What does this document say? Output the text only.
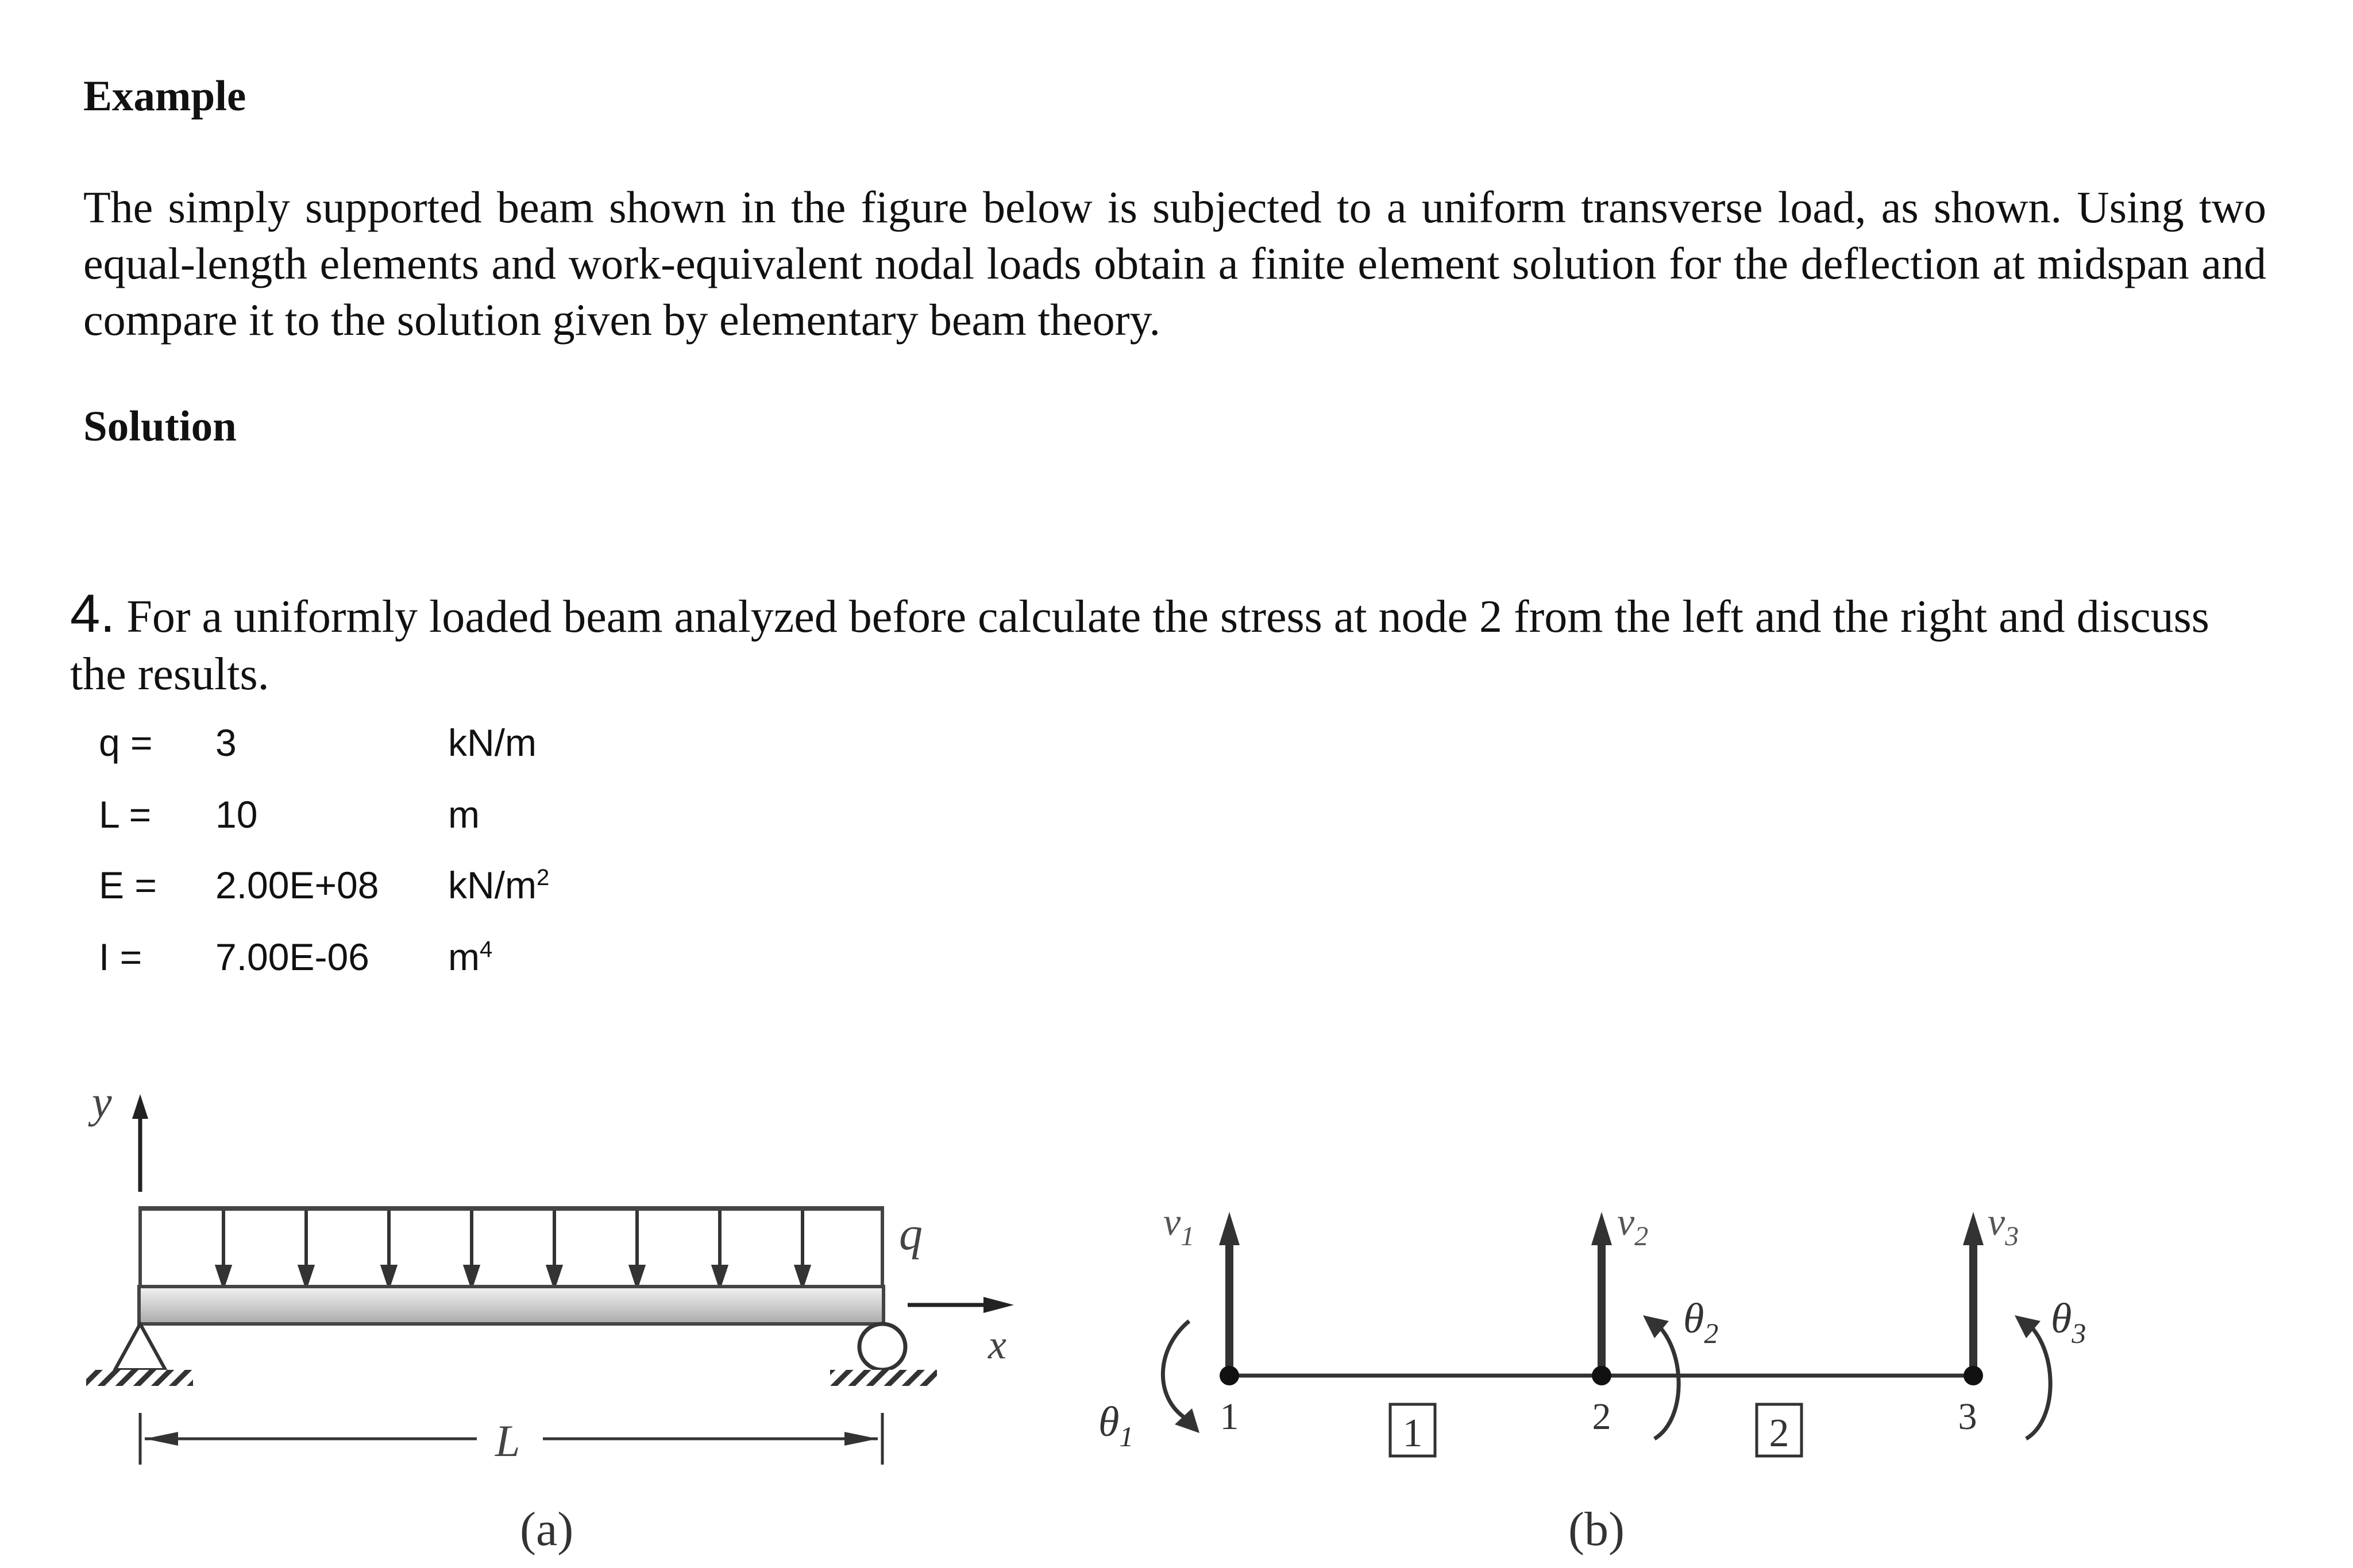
Example
The simply supported beam shown in the figure below is subjected to a uniform transverse load, as shown. Using two equal-length elements and work-equivalent nodal loads obtain a finite element solution for the deflection at midspan and compare it to the solution given by elementary beam theory.
Solution
4. For a uniformly loaded beam analyzed before calculate the stress at node 2 from the left and the right and discuss the results.
q = 3	kN/m
L = 10	m
E = 2.00E+08 $kN/m^2$
I = 7.00E-06 $m^4$
y
x
q
L
(a)
1	2
1	2	3
$v_1$	$v_2$	$v_3$
$\theta_1$
$\theta_2$	$\theta_3$
(b)
